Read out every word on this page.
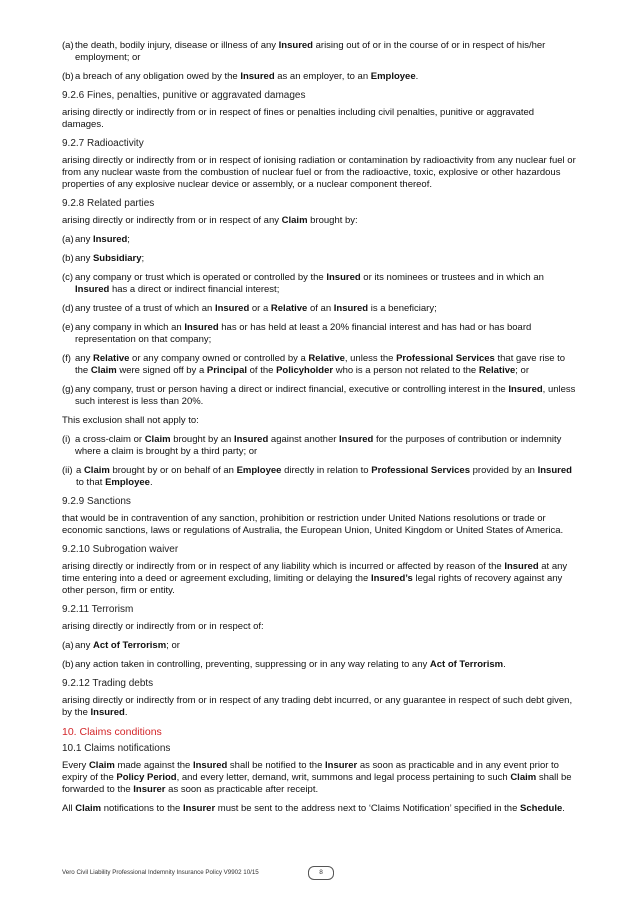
(a) the death, bodily injury, disease or illness of any Insured arising out of or in the course of or in respect of his/her employment; or
(b) a breach of any obligation owed by the Insured as an employer, to an Employee.
9.2.6 Fines, penalties, punitive or aggravated damages
arising directly or indirectly from or in respect of fines or penalties including civil penalties, punitive or aggravated damages.
9.2.7 Radioactivity
arising directly or indirectly from or in respect of ionising radiation or contamination by radioactivity from any nuclear fuel or from any nuclear waste from the combustion of nuclear fuel or from the radioactive, toxic, explosive or other hazardous properties of any explosive nuclear device or assembly, or a nuclear component thereof.
9.2.8 Related parties
arising directly or indirectly from or in respect of any Claim brought by:
(a) any Insured;
(b) any Subsidiary;
(c) any company or trust which is operated or controlled by the Insured or its nominees or trustees and in which an Insured has a direct or indirect financial interest;
(d) any trustee of a trust of which an Insured or a Relative of an Insured is a beneficiary;
(e) any company in which an Insured has or has held at least a 20% financial interest and has had or has board representation on that company;
(f) any Relative or any company owned or controlled by a Relative, unless the Professional Services that gave rise to the Claim were signed off by a Principal of the Policyholder who is a person not related to the Relative; or
(g) any company, trust or person having a direct or indirect financial, executive or controlling interest in the Insured, unless such interest is less than 20%.
This exclusion shall not apply to:
(i) a cross-claim or Claim brought by an Insured against another Insured for the purposes of contribution or indemnity where a claim is brought by a third party; or
(ii) a Claim brought by or on behalf of an Employee directly in relation to Professional Services provided by an Insured to that Employee.
9.2.9 Sanctions
that would be in contravention of any sanction, prohibition or restriction under United Nations resolutions or trade or economic sanctions, laws or regulations of Australia, the European Union, United Kingdom or United States of America.
9.2.10 Subrogation waiver
arising directly or indirectly from or in respect of any liability which is incurred or affected by reason of the Insured at any time entering into a deed or agreement excluding, limiting or delaying the Insured’s legal rights of recovery against any other person, firm or entity.
9.2.11 Terrorism
arising directly or indirectly from or in respect of:
(a) any Act of Terrorism; or
(b) any action taken in controlling, preventing, suppressing or in any way relating to any Act of Terrorism.
9.2.12 Trading debts
arising directly or indirectly from or in respect of any trading debt incurred, or any guarantee in respect of such debt given, by the Insured.
10. Claims conditions
10.1 Claims notifications
Every Claim made against the Insured shall be notified to the Insurer as soon as practicable and in any event prior to expiry of the Policy Period, and every letter, demand, writ, summons and legal process pertaining to such Claim shall be forwarded to the Insurer as soon as practicable after receipt.
All Claim notifications to the Insurer must be sent to the address next to ‘Claims Notification’ specified in the Schedule.
Vero Civil Liability Professional Indemnity Insurance Policy V9902 10/15	8
